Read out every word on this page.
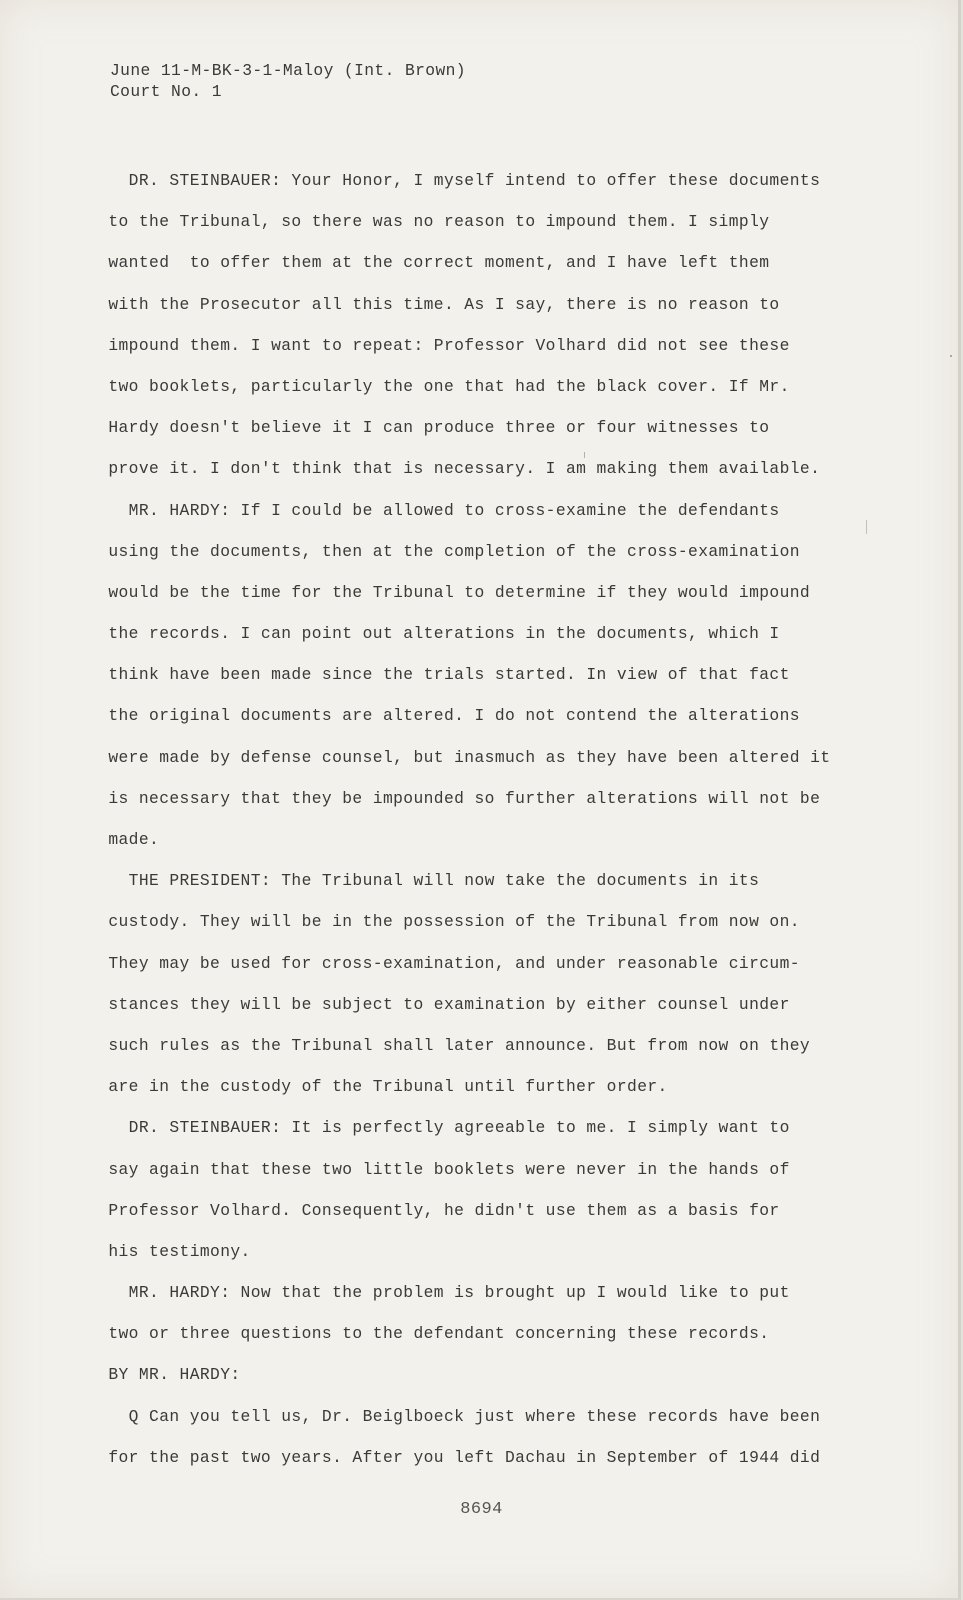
June 11-M-BK-3-1-Maloy (Int. Brown)
Court No. 1
DR. STEINBAUER: Your Honor, I myself intend to offer these documents
to the Tribunal, so there was no reason to impound them. I simply
wanted  to offer them at the correct moment, and I have left them
with the Prosecutor all this time. As I say, there is no reason to
impound them. I want to repeat: Professor Volhard did not see these
two booklets, particularly the one that had the black cover. If Mr.
Hardy doesn't believe it I can produce three or four witnesses to
prove it. I don't think that is necessary. I am making them available.
MR. HARDY: If I could be allowed to cross-examine the defendants
using the documents, then at the completion of the cross-examination
would be the time for the Tribunal to determine if they would impound
the records. I can point out alterations in the documents, which I
think have been made since the trials started. In view of that fact
the original documents are altered. I do not contend the alterations
were made by defense counsel, but inasmuch as they have been altered it
is necessary that they be impounded so further alterations will not be
made.
THE PRESIDENT: The Tribunal will now take the documents in its
custody. They will be in the possession of the Tribunal from now on.
They may be used for cross-examination, and under reasonable circum-
stances they will be subject to examination by either counsel under
such rules as the Tribunal shall later announce. But from now on they
are in the custody of the Tribunal until further order.
DR. STEINBAUER: It is perfectly agreeable to me. I simply want to
say again that these two little booklets were never in the hands of
Professor Volhard. Consequently, he didn't use them as a basis for
his testimony.
MR. HARDY: Now that the problem is brought up I would like to put
two or three questions to the defendant concerning these records.
BY MR. HARDY:
Q Can you tell us, Dr. Beiglboeck just where these records have been
for the past two years. After you left Dachau in September of 1944 did
8694
